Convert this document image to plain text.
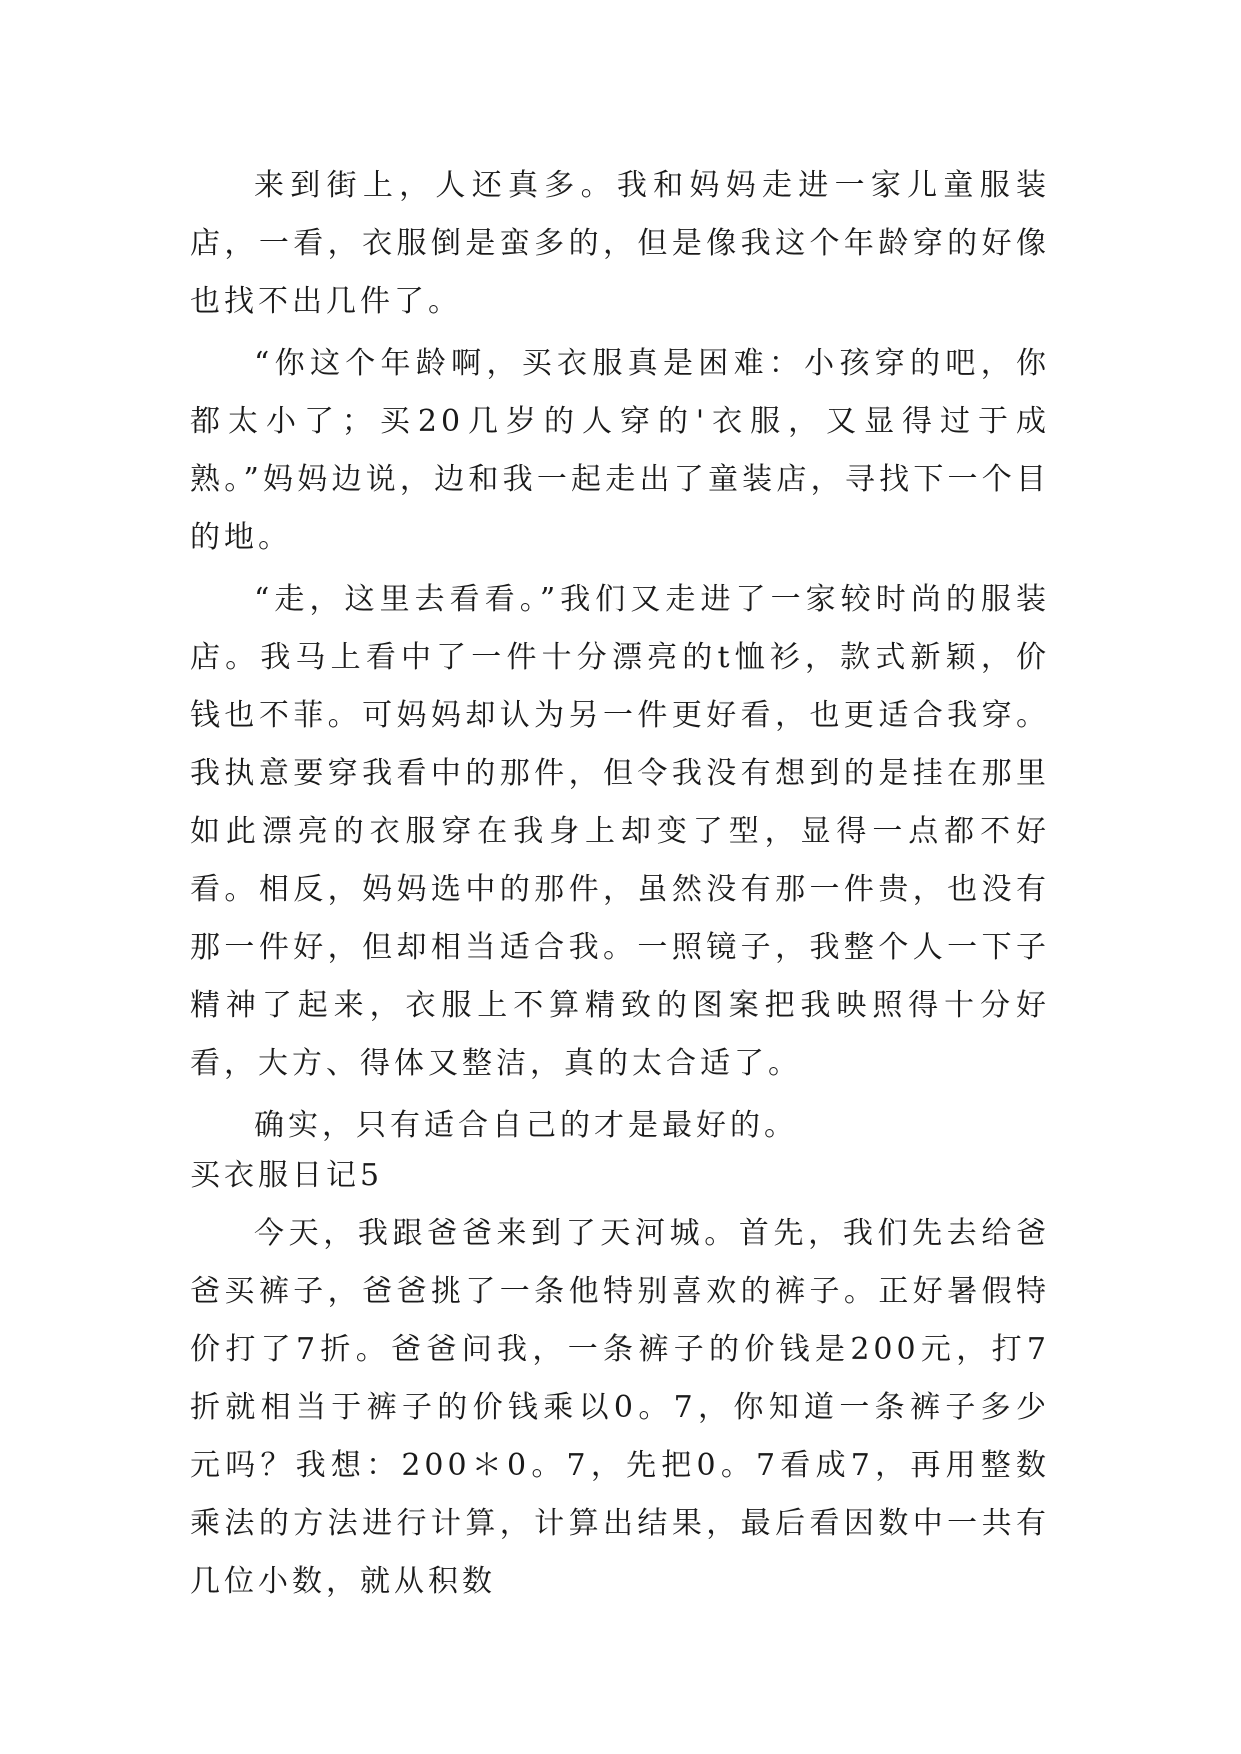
来到街上，人还真多。我和妈妈走进一家儿童服装店，一看，衣服倒是蛮多的，但是像我这个年龄穿的好像也找不出几件了。

“你这个年龄啊，买衣服真是困难：小孩穿的吧，你都太小了；买20几岁的人穿的'衣服，又显得过于成熟。”妈妈边说，边和我一起走出了童装店，寻找下一个目的地。

“走，这里去看看。”我们又走进了一家较时尚的服装店。我马上看中了一件十分漂亮的t恤衫，款式新颖，价钱也不菲。可妈妈却认为另一件更好看，也更适合我穿。我执意要穿我看中的那件，但令我没有想到的是挂在那里如此漂亮的衣服穿在我身上却变了型，显得一点都不好看。相反，妈妈选中的那件，虽然没有那一件贵，也没有那一件好，但却相当适合我。一照镜子，我整个人一下子精神了起来，衣服上不算精致的图案把我映照得十分好看，大方、得体又整洁，真的太合适了。

确实，只有适合自己的才是最好的。

买衣服日记5

今天，我跟爸爸来到了天河城。首先，我们先去给爸爸买裤子，爸爸挑了一条他特别喜欢的裤子。正好暑假特价打了7折。爸爸问我，一条裤子的价钱是200元，打7折就相当于裤子的价钱乘以0。7，你知道一条裤子多少元吗？我想：200＊0。7，先把0。7看成7，再用整数乘法的方法进行计算，计算出结果，最后看因数中一共有几位小数，就从积数
